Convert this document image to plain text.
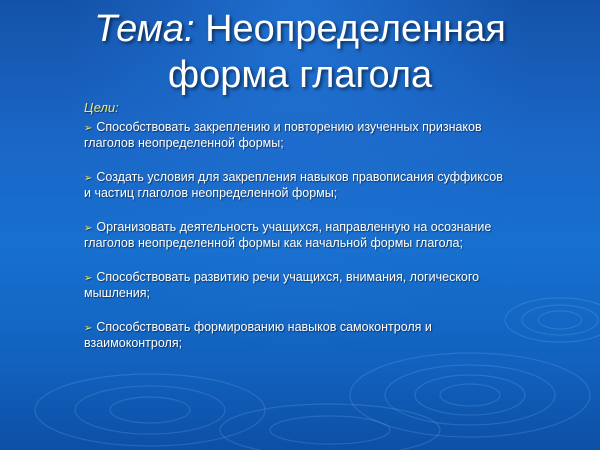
Тема: Неопределенная
форма глагола
Цели:
➢ Способствовать закреплению и повторению изученных признаков глаголов неопределенной формы;
➢ Создать условия для закрепления навыков правописания суффиксов и частиц глаголов неопределенной формы;
➢ Организовать деятельность учащихся, направленную на осознание глаголов неопределенной формы как начальной формы глагола;
➢ Способствовать развитию речи учащихся, внимания, логического мышления;
➢ Способствовать формированию навыков самоконтроля и взаимоконтроля;
